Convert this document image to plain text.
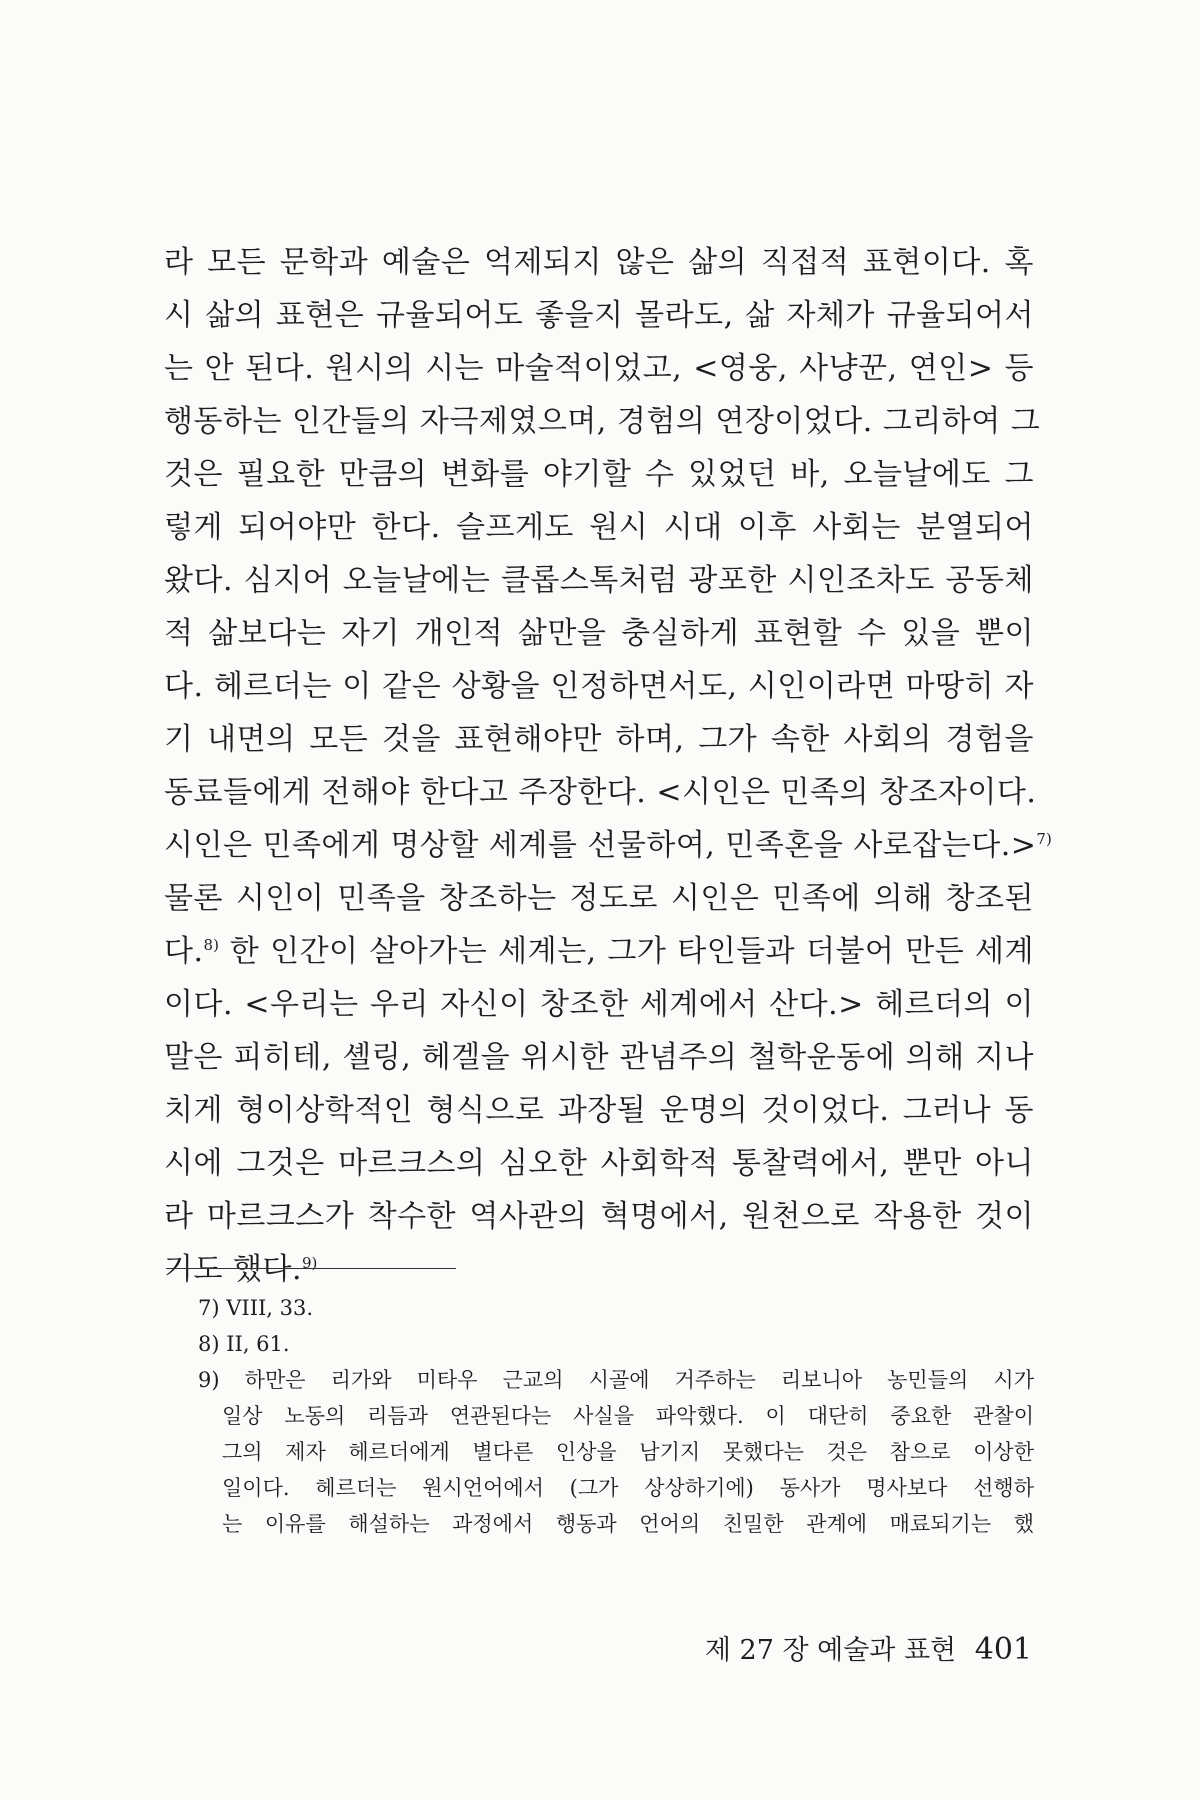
라 모든 문학과 예술은 억제되지 않은 삶의 직접적 표현이다. 혹
시 삶의 표현은 규율되어도 좋을지 몰라도, 삶 자체가 규율되어서
는 안 된다. 원시의 시는 마술적이었고, <영웅, 사냥꾼, 연인> 등
행동하는 인간들의 자극제였으며, 경험의 연장이었다. 그리하여 그
것은 필요한 만큼의 변화를 야기할 수 있었던 바, 오늘날에도 그
렇게 되어야만 한다. 슬프게도 원시 시대 이후 사회는 분열되어
왔다. 심지어 오늘날에는 클롭스톡처럼 광포한 시인조차도 공동체
적 삶보다는 자기 개인적 삶만을 충실하게 표현할 수 있을 뿐이
다. 헤르더는 이 같은 상황을 인정하면서도, 시인이라면 마땅히 자
기 내면의 모든 것을 표현해야만 하며, 그가 속한 사회의 경험을
동료들에게 전해야 한다고 주장한다. <시인은 민족의 창조자이다.
시인은 민족에게 명상할 세계를 선물하여, 민족혼을 사로잡는다.>$^{7)}$
물론 시인이 민족을 창조하는 정도로 시인은 민족에 의해 창조된
다.$^{8)}$ 한 인간이 살아가는 세계는, 그가 타인들과 더불어 만든 세계
이다. <우리는 우리 자신이 창조한 세계에서 산다.> 헤르더의 이
말은 피히테, 셸링, 헤겔을 위시한 관념주의 철학운동에 의해 지나
치게 형이상학적인 형식으로 과장될 운명의 것이었다. 그러나 동
시에 그것은 마르크스의 심오한 사회학적 통찰력에서, 뿐만 아니
라 마르크스가 착수한 역사관의 혁명에서, 원천으로 작용한 것이
기도 했다.$^{9)}$
7) VIII, 33.
8) II, 61.
9) 하만은 리가와 미타우 근교의 시골에 거주하는 리보니아 농민들의 시가
일상 노동의 리듬과 연관된다는 사실을 파악했다. 이 대단히 중요한 관찰이
그의 제자 헤르더에게 별다른 인상을 남기지 못했다는 것은 참으로 이상한
일이다. 헤르더는 원시언어에서 (그가 상상하기에) 동사가 명사보다 선행하
는 이유를 해설하는 과정에서 행동과 언어의 친밀한 관계에 매료되기는 했
제 27 장 예술과 표현 401
